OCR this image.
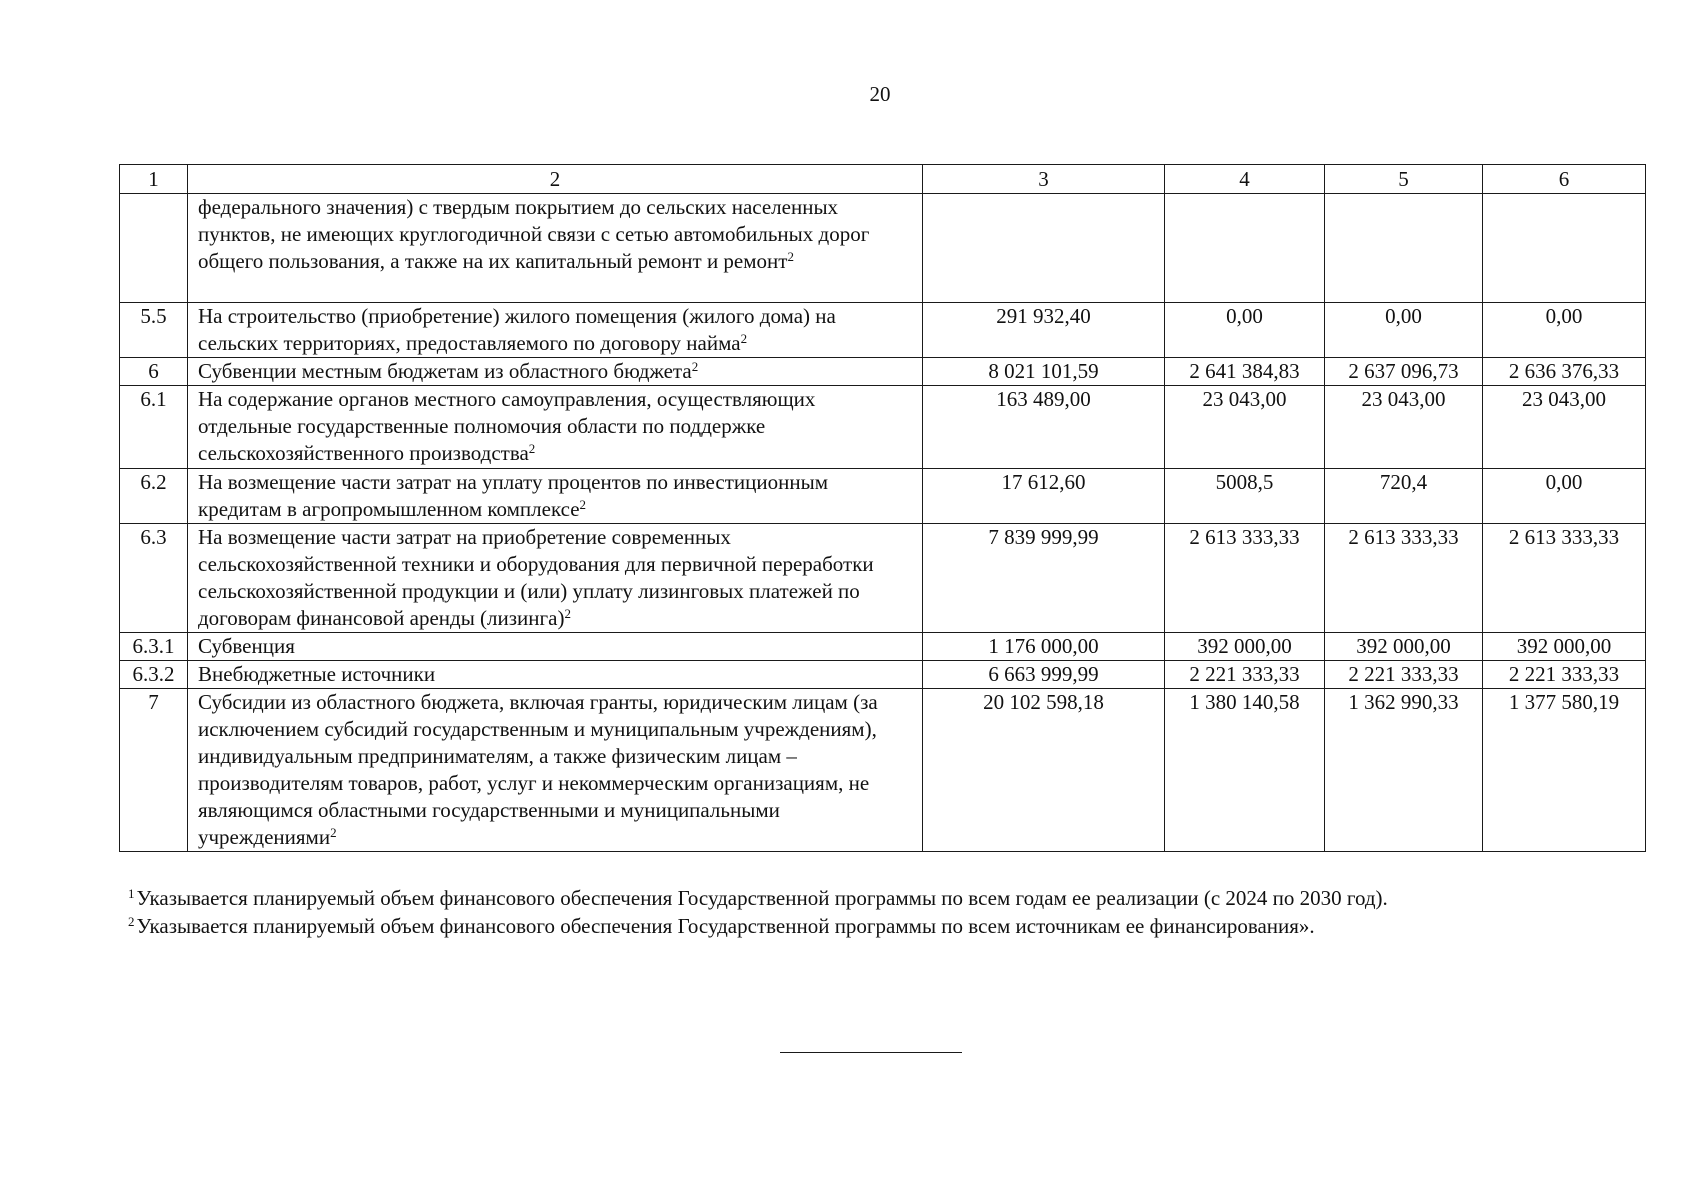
20
1	2	3	4	5	6
	федерального значения) с твердым покрытием до сельских населенных пунктов, не имеющих круглогодичной связи с сетью автомобильных дорог общего пользования, а также на их капитальный ремонт и ремонт$^2$				
5.5	На строительство (приобретение) жилого помещения (жилого дома) на сельских территориях, предоставляемого по договору найма$^2$	291 932,40	0,00	0,00	0,00
6	Субвенции местным бюджетам из областного бюджета$^2$	8 021 101,59	2 641 384,83	2 637 096,73	2 636 376,33
6.1	На содержание органов местного самоуправления, осуществляющих отдельные государственные полномочия области по поддержке сельскохозяйственного производства$^2$	163 489,00	23 043,00	23 043,00	23 043,00
6.2	На возмещение части затрат на уплату процентов по инвестиционным кредитам в агропромышленном комплексе$^2$	17 612,60	5008,5	720,4	0,00
6.3	На возмещение части затрат на приобретение современных сельскохозяйственной техники и оборудования для первичной переработки сельскохозяйственной продукции и (или) уплату лизинговых платежей по договорам финансовой аренды (лизинга)$^2$	7 839 999,99	2 613 333,33	2 613 333,33	2 613 333,33
6.3.1	Субвенция	1 176 000,00	392 000,00	392 000,00	392 000,00
6.3.2	Внебюджетные источники	6 663 999,99	2 221 333,33	2 221 333,33	2 221 333,33
7	Субсидии из областного бюджета, включая гранты, юридическим лицам (за исключением субсидий государственным и муниципальным учреждениям), индивидуальным предпринимателям, а также физическим лицам – производителям товаров, работ, услуг и некоммерческим организациям, не являющимся областными государственными и муниципальными учреждениями$^2$	20 102 598,18	1 380 140,58	1 362 990,33	1 377 580,19
$^1$Указывается планируемый объем финансового обеспечения Государственной программы по всем годам ее реализации (с 2024 по 2030 год).
$^2$Указывается планируемый объем финансового обеспечения Государственной программы по всем источникам ее финансирования».
